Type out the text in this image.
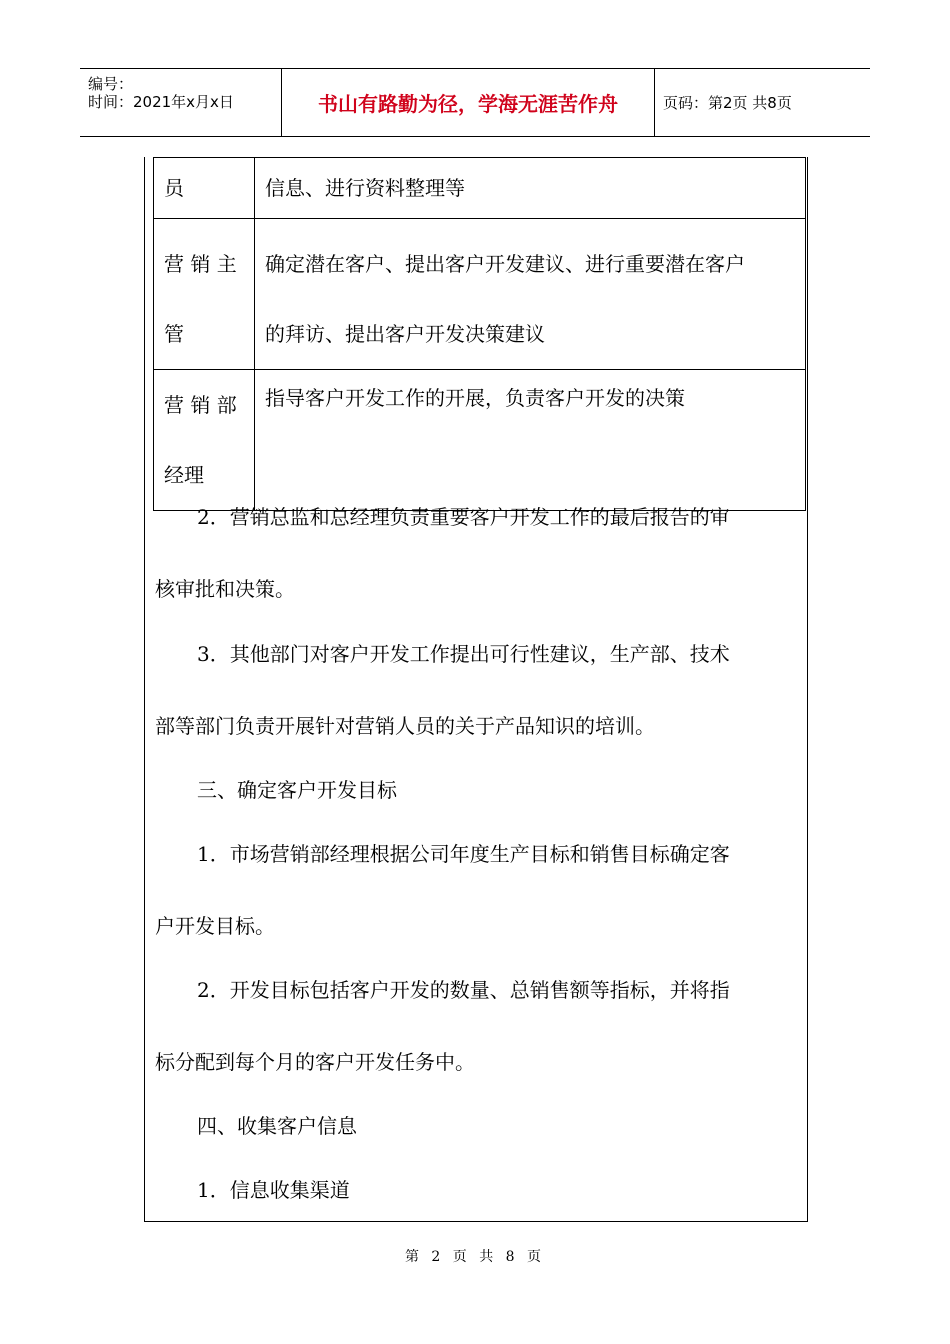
编号：
时间：2021年x月x日	书山有路勤为径，学海无涯苦作舟	页码：第2页 共8页
员	信息、进行资料整理等

营 销 主
管	确定潜在客户、提出客户开发建议、进行重要潜在客户
的拜访、提出客户开发决策建议

营 销 部
经理	指导客户开发工作的开展，负责客户开发的决策
2．营销总监和总经理负责重要客户开发工作的最后报告的审
核审批和决策。
3．其他部门对客户开发工作提出可行性建议，生产部、技术
部等部门负责开展针对营销人员的关于产品知识的培训。
三、确定客户开发目标
1．市场营销部经理根据公司年度生产目标和销售目标确定客
户开发目标。
2．开发目标包括客户开发的数量、总销售额等指标，并将指
标分配到每个月的客户开发任务中。
四、收集客户信息
1．信息收集渠道
第 2 页 共 8 页
